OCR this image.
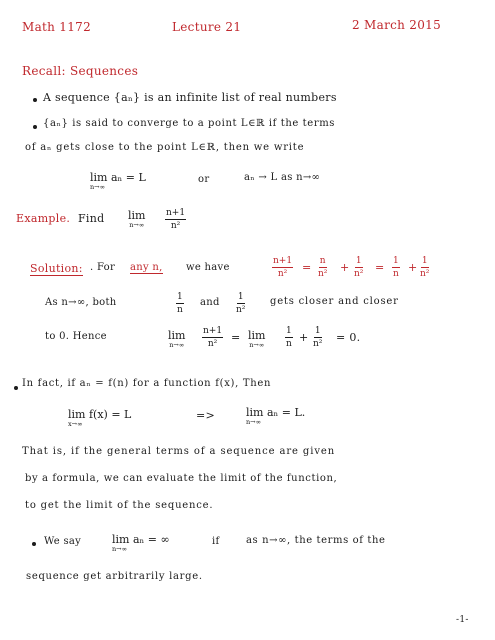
Math 1172	Lecture 21	2 March 2015
Recall: Sequences
A sequence {aₙ} is an infinite list of real numbers
{aₙ} is said to converge to a point L∈ℝ if the terms
of aₙ gets close to the point L∈ℝ, then we write
lim aₙ = L
n→∞
or	aₙ → L as n→∞
Example. Find lim
$n\to\infty \frac{n+1}{\text{n²}}$
Solution: . For any n, we have	$\frac{n+1}{\text{n²}} = \frac{n}{\text{n²}} + \frac{1}{\text{n²}} = \frac{1}{n} + \frac{1}{\text{n²}}$
As n→∞, both	$\frac{1}{n}$ and $\frac{1}{\text{n²}}$ gets closer and closer
to 0. Hence	lim
$n\to\infty \frac{n+1}{\text{n²}} = \lim$
$n\to\infty \frac{1}{n} + \frac{1}{\text{n²}} = 0$.
In fact, if aₙ = f(n) for a function f(x), Then
lim f(x) = L
x→∞
=>	lim aₙ = L.
n→∞
That is, if the general terms of a sequence are given
by a formula, we can evaluate the limit of the function,
to get the limit of the sequence.
We say	lim aₙ = ∞
n→∞
if	as n→∞, the terms of the
sequence get arbitrarily large.
-1-
